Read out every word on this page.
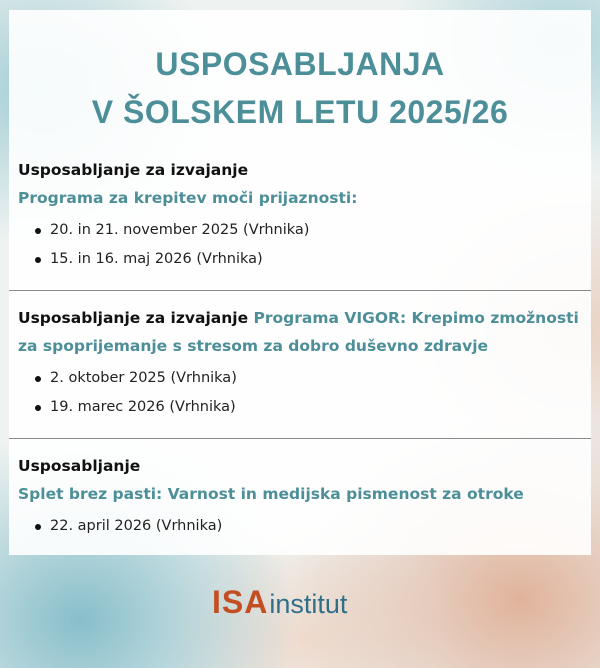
USPOSABLJANJA
V ŠOLSKEM LETU 2025/26
Usposabljanje za izvajanje
Programa za krepitev moči prijaznosti:
20. in 21. november 2025 (Vrhnika)
15. in 16. maj 2026 (Vrhnika)
Usposabljanje za izvajanje Programa VIGOR: Krepimo zmožnosti za spoprijemanje s stresom za dobro duševno zdravje
2. oktober 2025 (Vrhnika)
19. marec 2026 (Vrhnika)
Usposabljanje
Splet brez pasti: Varnost in medijska pismenost za otroke
22. april 2026 (Vrhnika)
ISA institut
